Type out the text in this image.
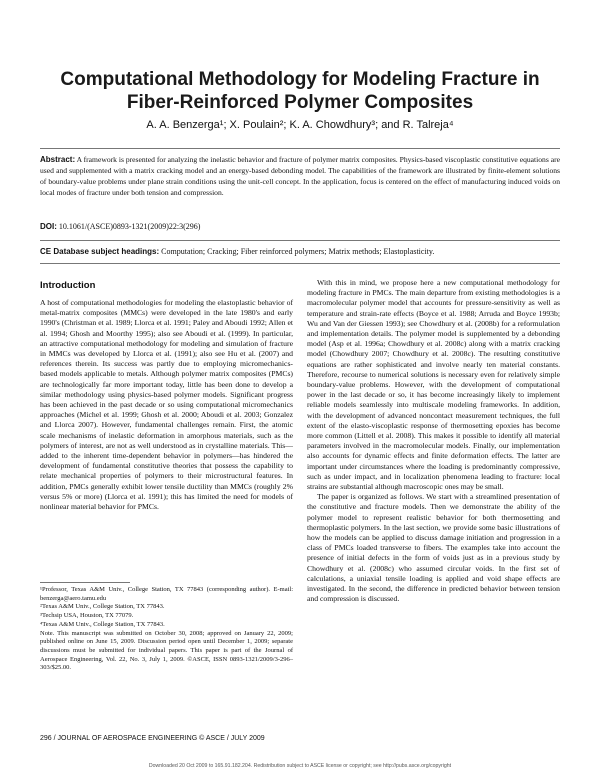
Computational Methodology for Modeling Fracture in Fiber-Reinforced Polymer Composites
A. A. Benzerga¹; X. Poulain²; K. A. Chowdhury³; and R. Talreja⁴
Abstract: A framework is presented for analyzing the inelastic behavior and fracture of polymer matrix composites. Physics-based viscoplastic constitutive equations are used and supplemented with a matrix cracking model and an energy-based debonding model. The capabilities of the framework are illustrated by finite-element solutions of boundary-value problems under plane strain conditions using the unit-cell concept. In the application, focus is centered on the effect of manufacturing induced voids on local modes of fracture under both tension and compression.
DOI: 10.1061/(ASCE)0893-1321(2009)22:3(296)
CE Database subject headings: Computation; Cracking; Fiber reinforced polymers; Matrix methods; Elastoplasticity.
Introduction

A host of computational methodologies for modeling the elastoplastic behavior of metal-matrix composites (MMCs) were developed in the late 1980's and early 1990's (Christman et al. 1989; Llorca et al. 1991; Paley and Aboudi 1992; Allen et al. 1994; Ghosh and Moorthy 1995); also see Aboudi et al. (1999). In particular, an attractive computational methodology for modeling and simulation of fracture in MMCs was developed by Llorca et al. (1991); also see Hu et al. (2007) and references therein. Its success was partly due to employing micromechanics-based models applicable to metals. Although polymer matrix composites (PMCs) are technologically far more important today, little has been done to develop a similar methodology using physics-based polymer models. Significant progress has been achieved in the past decade or so using computational micromechanics approaches (Michel et al. 1999; Ghosh et al. 2000; Aboudi et al. 2003; Gonzalez and Llorca 2007). However, fundamental challenges remain. First, the atomic scale mechanisms of inelastic deformation in amorphous materials, such as the polymers of interest, are not as well understood as in crystalline materials. This—added to the inherent time-dependent behavior in polymers—has hindered the development of fundamental constitutive theories that possess the capability to relate mechanical properties of polymers to their microstructural features. In addition, PMCs generally exhibit lower tensile ductility than MMCs (roughly 2% versus 5% or more) (Llorca et al. 1991); this has limited the need for models of nonlinear material behavior for PMCs.

With this in mind, we propose here a new computational methodology for modeling fracture in PMCs. The main departure from existing methodologies is a macromolecular polymer model that accounts for pressure-sensitivity as well as temperature and strain-rate effects (Boyce et al. 1988; Arruda and Boyce 1993b; Wu and Van der Giessen 1993); see Chowdhury et al. (2008b) for a reformulation and implementation details. The polymer model is supplemented by a debonding model (Asp et al. 1996a; Chowdhury et al. 2008c) along with a matrix cracking model (Chowdhury 2007; Chowdhury et al. 2008c). The resulting constitutive equations are rather sophisticated and involve nearly ten material constants. Therefore, recourse to numerical solutions is necessary even for relatively simple boundary-value problems. However, with the development of computational power in the last decade or so, it has become increasingly likely to implement reliable models seamlessly into multiscale modeling frameworks. In addition, with the development of advanced noncontact measurement techniques, the full extent of the elasto-viscoplastic response of thermosetting epoxies has become more common (Littell et al. 2008). This makes it possible to identify all material parameters involved in the macromolecular models. Finally, our implementation also accounts for dynamic effects and finite deformation effects. The latter are important under circumstances where the loading is predominantly compressive, such as under impact, and in localization phenomena leading to fracture: local strains are substantial although macroscopic ones may be small.

The paper is organized as follows. We start with a streamlined presentation of the constitutive and fracture models. Then we demonstrate the ability of the polymer model to represent realistic behavior for both thermosetting and thermoplastic polymers. In the last section, we provide some basic illustrations of how the models can be applied to discuss damage initiation and progression in a class of PMCs loaded transverse to fibers. The examples take into account the presence of initial defects in the form of voids just as in a previous study by Chowdhury et al. (2008c) who assumed circular voids. In the first set of calculations, a uniaxial tensile loading is applied and void shape effects are investigated. In the second, the difference in predicted behavior between tension and compression is discussed.

¹Professor, Texas A&M Univ., College Station, TX 77843 (corresponding author). E-mail: benzerga@aero.tamu.edu

²Texas A&M Univ., College Station, TX 77843.

³Techsip USA, Houston, TX 77079.

⁴Texas A&M Univ., College Station, TX 77843.

Note. This manuscript was submitted on October 30, 2008; approved on January 22, 2009; published online on June 15, 2009. Discussion period open until December 1, 2009; separate discussions must be submitted for individual papers. This paper is part of the Journal of Aerospace Engineering, Vol. 22, No. 3, July 1, 2009. ©ASCE, ISSN 0893-1321/2009/3-296–303/$25.00.

296 / JOURNAL OF AEROSPACE ENGINEERING © ASCE / JULY 2009
Downloaded 20 Oct 2009 to 165.91.182.204. Redistribution subject to ASCE license or copyright; see http://pubs.asce.org/copyright
